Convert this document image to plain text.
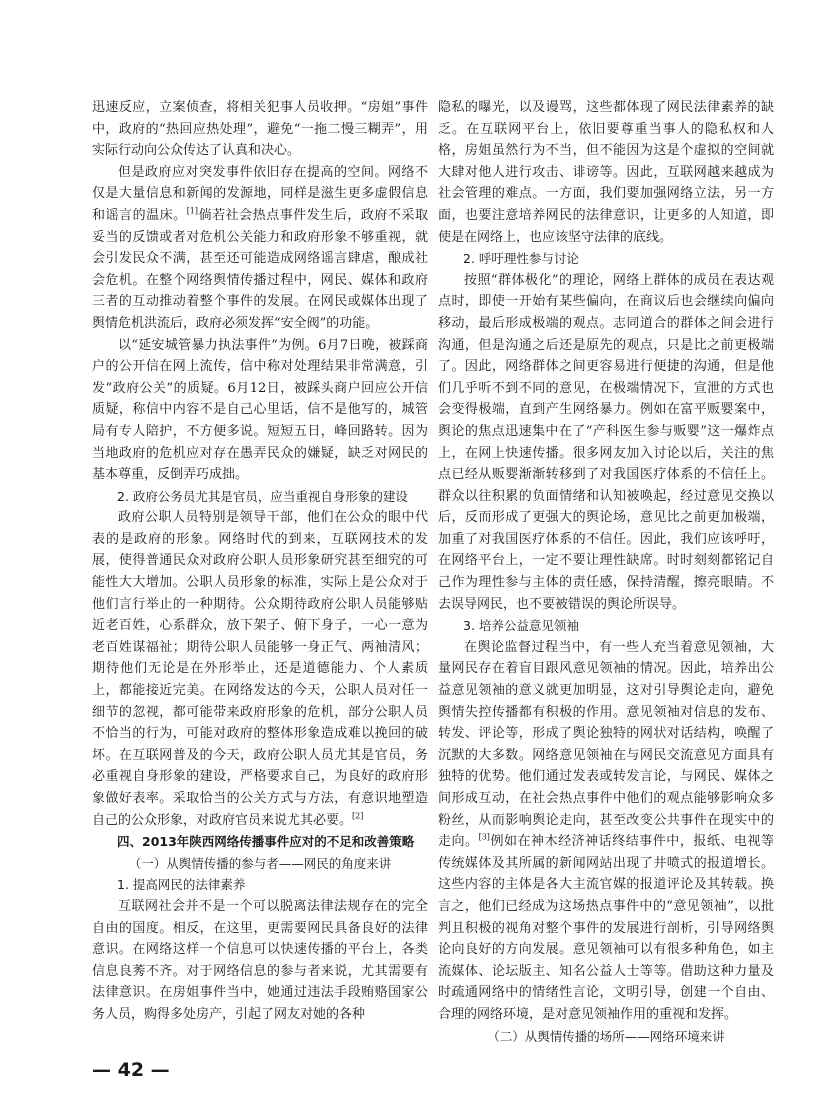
迅速反应，立案侦查，将相关犯事人员收押。“房姐”事件中，政府的“热回应热处理”，避免“一拖二慢三糊弄”，用实际行动向公众传达了认真和决心。

但是政府应对突发事件依旧存在提高的空间。网络不仅是大量信息和新闻的发源地，同样是滋生更多虚假信息和谣言的温床。[1]倘若社会热点事件发生后，政府不采取妥当的反馈或者对危机公关能力和政府形象不够重视，就会引发民众不满，甚至还可能造成网络谣言肆虐，酿成社会危机。在整个网络舆情传播过程中，网民、媒体和政府三者的互动推动着整个事件的发展。在网民或媒体出现了舆情危机洪流后，政府必须发挥“安全阀”的功能。

以“延安城管暴力执法事件”为例。6月7日晚，被踩商户的公开信在网上流传，信中称对处理结果非常满意，引发“政府公关”的质疑。6月12日，被踩头商户回应公开信质疑，称信中内容不是自己心里话，信不是他写的，城管局有专人陪护，不方便多说。短短五日，峰回路转。因为当地政府的危机应对存在愚弄民众的嫌疑，缺乏对网民的基本尊重，反倒弄巧成拙。

2. 政府公务员尤其是官员，应当重视自身形象的建设

政府公职人员特别是领导干部，他们在公众的眼中代表的是政府的形象。网络时代的到来，互联网技术的发展，使得普通民众对政府公职人员形象研究甚至细究的可能性大大增加。公职人员形象的标准，实际上是公众对于他们言行举止的一种期待。公众期待政府公职人员能够贴近老百姓，心系群众，放下架子、俯下身子，一心一意为老百姓谋福祉；期待公职人员能够一身正气、两袖清风；期待他们无论是在外形举止，还是道德能力、个人素质上，都能接近完美。在网络发达的今天，公职人员对任一细节的忽视，都可能带来政府形象的危机，部分公职人员不恰当的行为，可能对政府的整体形象造成难以挽回的破坏。在互联网普及的今天，政府公职人员尤其是官员，务必重视自身形象的建设，严格要求自己，为良好的政府形象做好表率。采取恰当的公关方式与方法，有意识地塑造自己的公众形象，对政府官员来说尤其必要。[2]

四、2013年陕西网络传播事件应对的不足和改善策略

（一）从舆情传播的参与者——网民的角度来讲

1. 提高网民的法律素养

互联网社会并不是一个可以脱离法律法规存在的完全自由的国度。相反，在这里，更需要网民具备良好的法律意识。在网络这样一个信息可以快速传播的平台上，各类信息良莠不齐。对于网络信息的参与者来说，尤其需要有法律意识。在房姐事件当中，她通过违法手段贿赂国家公务人员，购得多处房产，引起了网友对她的各种

隐私的曝光，以及谩骂，这些都体现了网民法律素养的缺乏。在互联网平台上，依旧要尊重当事人的隐私权和人格，房姐虽然行为不当，但不能因为这是个虚拟的空间就大肆对他人进行攻击、诽谤等。因此，互联网越来越成为社会管理的难点。一方面，我们要加强网络立法，另一方面，也要注意培养网民的法律意识，让更多的人知道，即使是在网络上，也应该坚守法律的底线。

2. 呼吁理性参与讨论

按照“群体极化”的理论，网络上群体的成员在表达观点时，即使一开始有某些偏向，在商议后也会继续向偏向移动，最后形成极端的观点。志同道合的群体之间会进行沟通，但是沟通之后还是原先的观点，只是比之前更极端了。因此，网络群体之间更容易进行便捷的沟通，但是他们几乎听不到不同的意见，在极端情况下，宣泄的方式也会变得极端，直到产生网络暴力。例如在富平贩婴案中，舆论的焦点迅速集中在了“产科医生参与贩婴”这一爆炸点上，在网上快速传播。很多网友加入讨论以后，关注的焦点已经从贩婴渐渐转移到了对我国医疗体系的不信任上。群众以往积累的负面情绪和认知被唤起，经过意见交换以后，反而形成了更强大的舆论场，意见比之前更加极端，加重了对我国医疗体系的不信任。因此，我们应该呼吁，在网络平台上，一定不要让理性缺席。时时刻刻都铭记自己作为理性参与主体的责任感，保持清醒，擦亮眼睛。不去误导网民，也不要被错误的舆论所误导。

3. 培养公益意见领袖

在舆论监督过程当中，有一些人充当着意见领袖，大量网民存在着盲目跟风意见领袖的情况。因此，培养出公益意见领袖的意义就更加明显，这对引导舆论走向，避免舆情失控传播都有积极的作用。意见领袖对信息的发布、转发、评论等，形成了舆论独特的网状对话结构，唤醒了沉默的大多数。网络意见领袖在与网民交流意见方面具有独特的优势。他们通过发表或转发言论，与网民、媒体之间形成互动，在社会热点事件中他们的观点能够影响众多粉丝，从而影响舆论走向，甚至改变公共事件在现实中的走向。[3]例如在神木经济神话终结事件中，报纸、电视等传统媒体及其所属的新闻网站出现了井喷式的报道增长。这些内容的主体是各大主流官媒的报道评论及其转载。换言之，他们已经成为这场热点事件中的“意见领袖”，以批判且积极的视角对整个事件的发展进行剖析，引导网络舆论向良好的方向发展。意见领袖可以有很多种角色，如主流媒体、论坛版主、知名公益人士等等。借助这种力量及时疏通网络中的情绪性言论，文明引导，创建一个自由、合理的网络环境，是对意见领袖作用的重视和发挥。

（二）从舆情传播的场所——网络环境来讲

— 42 —
